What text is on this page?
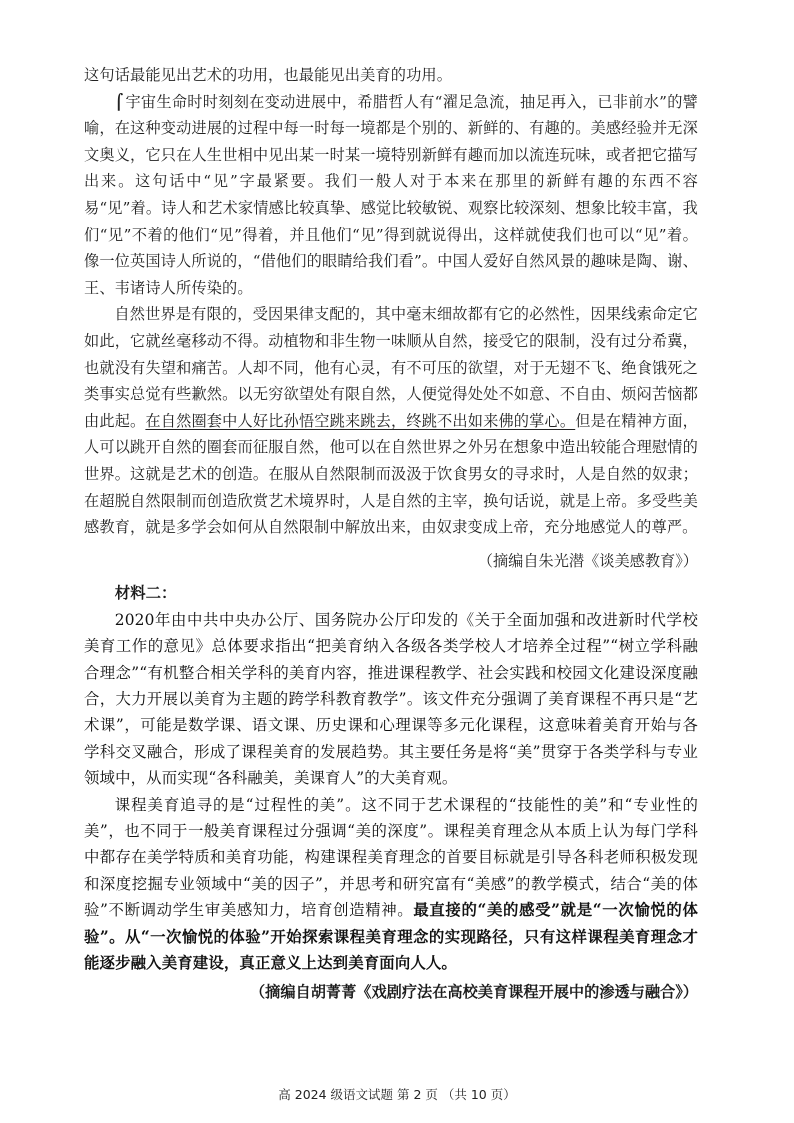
这句话最能见出艺术的功用，也最能见出美育的功用。

⌠ 宇宙生命时时刻刻在变动进展中，希腊哲人有“濯足急流，抽足再入，已非前水”的譬喻，在这种变动进展的过程中每一时每一境都是个别的、新鲜的、有趣的。美感经验并无深文奥义，它只在人生世相中见出某一时某一境特别新鲜有趣而加以流连玩味，或者把它描写出来。这句话中“见”字最紧要。我们一般人对于本来在那里的新鲜有趣的东西不容易“见”着。诗人和艺术家情感比较真挚、感觉比较敏锐、观察比较深刻、想象比较丰富，我们“见”不着的他们“见”得着，并且他们“见”得到就说得出，这样就使我们也可以“见”着。像一位英国诗人所说的，“借他们的眼睛给我们看”。中国人爱好自然风景的趣味是陶、谢、王、韦诸诗人所传染的。

自然世界是有限的，受因果律支配的，其中毫末细故都有它的必然性，因果线索命定它如此，它就丝毫移动不得。动植物和非生物一味顺从自然，接受它的限制，没有过分希冀，也就没有失望和痛苦。人却不同，他有心灵，有不可压的欲望，对于无翅不飞、绝食饿死之类事实总觉有些歉然。以无穷欲望处有限自然，人便觉得处处不如意、不自由、烦闷苦恼都由此起。在自然圈套中人好比孙悟空跳来跳去，终跳不出如来佛的掌心。但是在精神方面，人可以跳开自然的圈套而征服自然，他可以在自然世界之外另在想象中造出较能合理慰情的世界。这就是艺术的创造。在服从自然限制而汲汲于饮食男女的寻求时，人是自然的奴隶；在超脱自然限制而创造欣赏艺术境界时，人是自然的主宰，换句话说，就是上帝。多受些美感教育，就是多学会如何从自然限制中解放出来，由奴隶变成上帝，充分地感觉人的尊严。

（摘编自朱光潜《谈美感教育》）

材料二：

2020年由中共中央办公厅、国务院办公厅印发的《关于全面加强和改进新时代学校美育工作的意见》总体要求指出“把美育纳入各级各类学校人才培养全过程”“树立学科融合理念”“有机整合相关学科的美育内容，推进课程教学、社会实践和校园文化建设深度融合，大力开展以美育为主题的跨学科教育教学”。该文件充分强调了美育课程不再只是“艺术课”，可能是数学课、语文课、历史课和心理课等多元化课程，这意味着美育开始与各学科交叉融合，形成了课程美育的发展趋势。其主要任务是将“美”贯穿于各类学科与专业领域中，从而实现“各科融美，美课育人”的大美育观。

课程美育追寻的是“过程性的美”。这不同于艺术课程的“技能性的美”和“专业性的美”，也不同于一般美育课程过分强调“美的深度”。课程美育理念从本质上认为每门学科中都存在美学特质和美育功能，构建课程美育理念的首要目标就是引导各科老师积极发现和深度挖掘专业领域中“美的因子”，并思考和研究富有“美感”的教学模式，结合“美的体验”不断调动学生审美感知力，培育创造精神。最直接的“美的感受”就是“一次愉悦的体验”。从“一次愉悦的体验”开始探索课程美育理念的实现路径，只有这样课程美育理念才能逐步融入美育建设，真正意义上达到美育面向人人。

（摘编自胡菁菁《戏剧疗法在高校美育课程开展中的渗透与融合》）

高 2024 级语文试题 第 2 页 （共 10 页）
